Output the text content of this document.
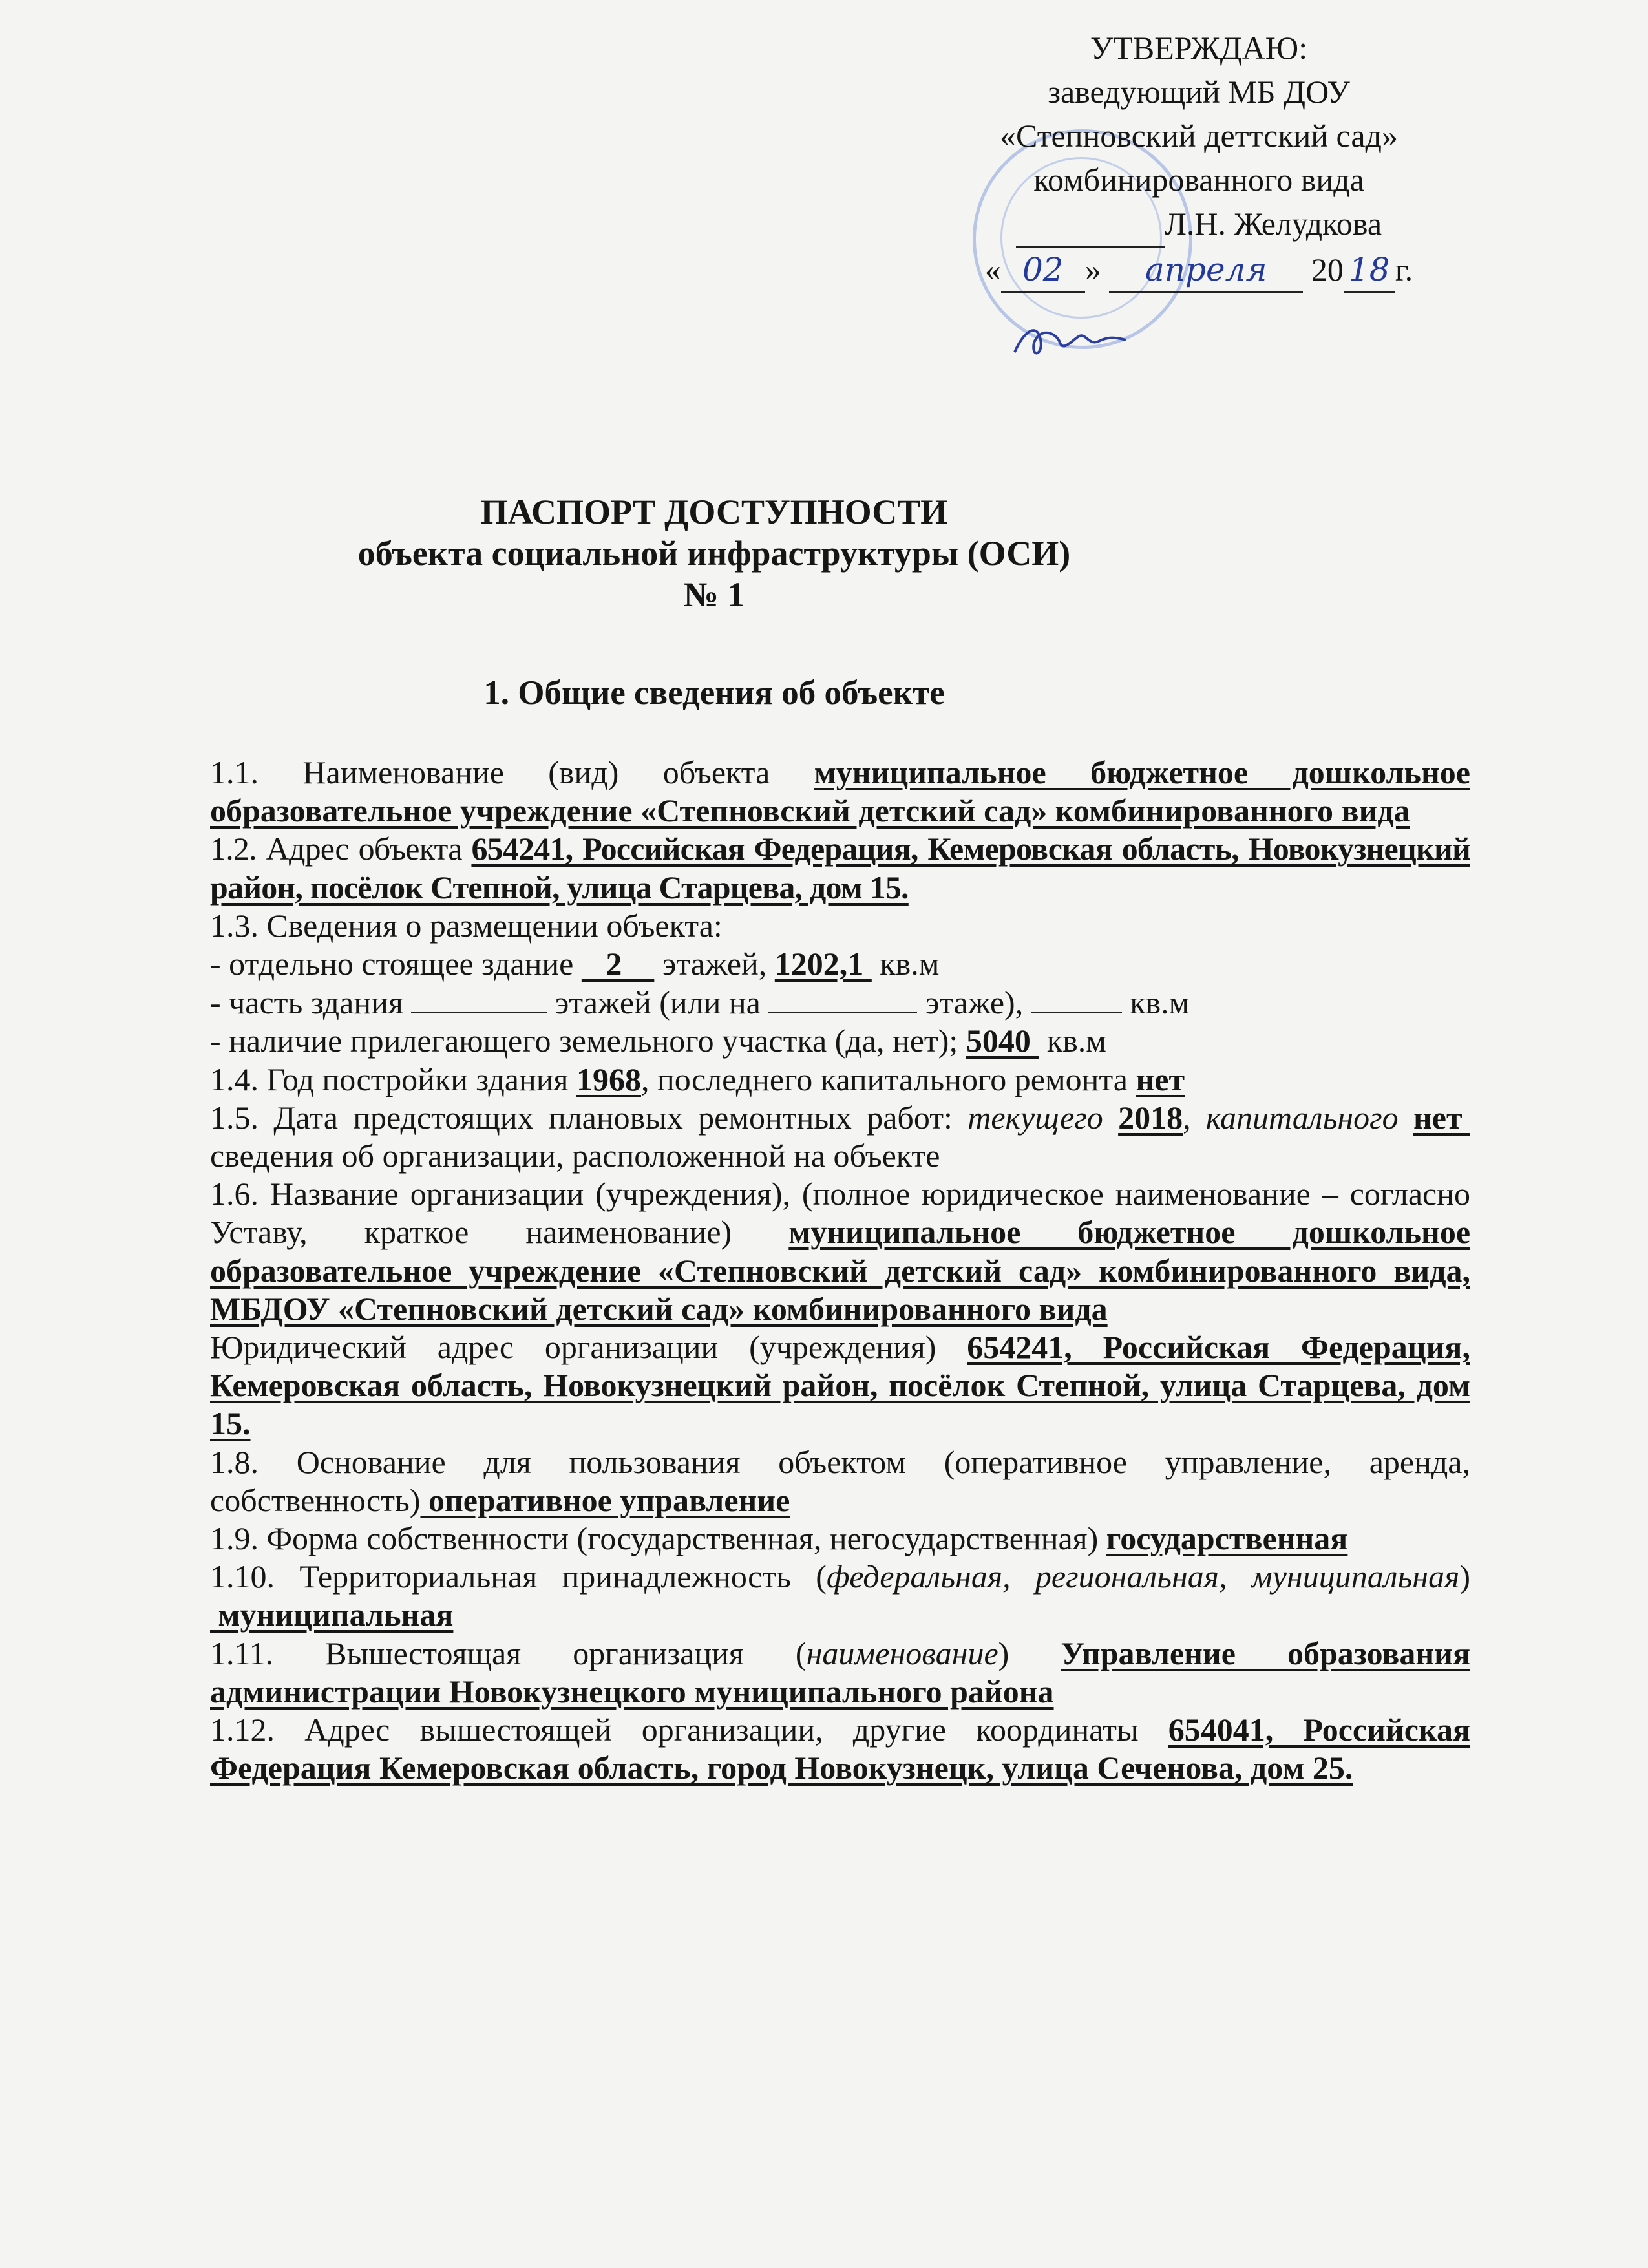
УТВЕРЖДАЮ:
заведующий МБ ДОУ
«Степновский деттский сад»
комбинированного вида
Л.Н. Желудкова
« 02 » апреля 20 18 г.
ПАСПОРТ ДОСТУПНОСТИ
объекта социальной инфраструктуры (ОСИ)
№ 1
1. Общие сведения об объекте

1.1. Наименование (вид) объекта муниципальное бюджетное дошкольное образовательное учреждение «Степновский детский сад» комбинированного вида

1.2. Адрес объекта 654241, Российская Федерация, Кемеровская область, Новокузнецкий район, посёлок Степной, улица Старцева, дом 15.

1.3. Сведения о размещении объекта:

- отдельно стоящее здание    2     этажей, 1202,1  кв.м

- часть здания	этажей (или на	этаже),	кв.м

- наличие прилегающего земельного участка (да, нет); 5040  кв.м

1.4. Год постройки здания 1968, последнего капитального ремонта нет

1.5. Дата предстоящих плановых ремонтных работ: текущего 2018, капитального нет  сведения об организации, расположенной на объекте

1.6. Название организации (учреждения), (полное юридическое наименование – согласно Уставу, краткое наименование) муниципальное бюджетное дошкольное образовательное учреждение «Степновский детский сад» комбинированного вида, МБДОУ «Степновский детский сад» комбинированного вида

Юридический адрес организации (учреждения) 654241, Российская Федерация, Кемеровская область, Новокузнецкий район, посёлок Степной, улица Старцева, дом 15.

1.8. Основание для пользования объектом (оперативное управление, аренда, собственность) оперативное управление

1.9. Форма собственности (государственная, негосударственная) государственная

1.10. Территориальная принадлежность (федеральная, региональная, муниципальная) муниципальная

1.11. Вышестоящая организация (наименование) Управление образования администрации Новокузнецкого муниципального района

1.12. Адрес вышестоящей организации, другие координаты 654041, Российская Федерация Кемеровская область, город Новокузнецк, улица Сеченова, дом 25.
